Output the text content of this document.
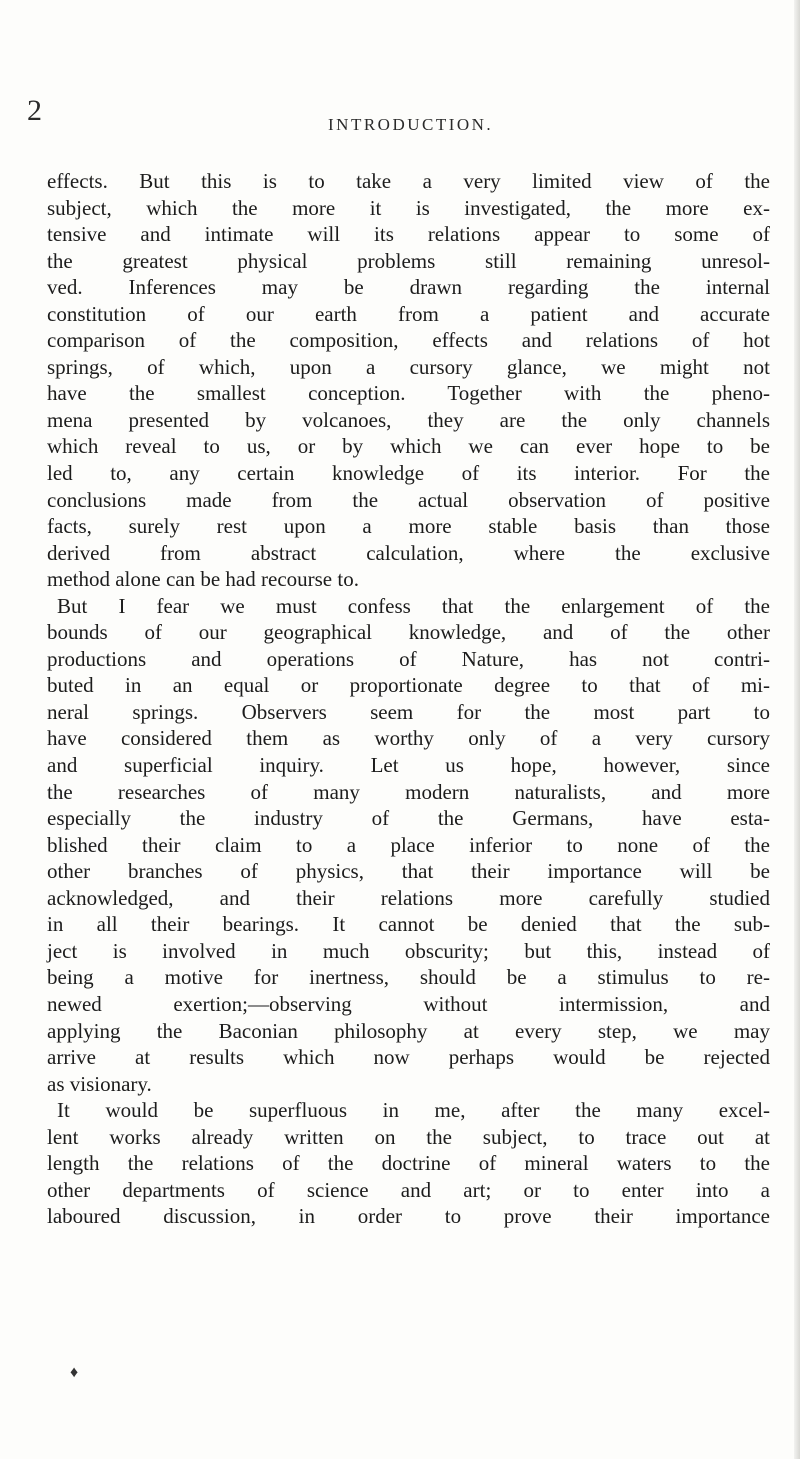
2	INTRODUCTION.
effects. But this is to take a very limited view of the
subject, which the more it is investigated, the more ex-
tensive and intimate will its relations appear to some of
the greatest physical problems still remaining unresol-
ved. Inferences may be drawn regarding the internal
constitution of our earth from a patient and accurate
comparison of the composition, effects and relations of hot
springs, of which, upon a cursory glance, we might not
have the smallest conception. Together with the pheno-
mena presented by volcanoes, they are the only channels
which reveal to us, or by which we can ever hope to be
led to, any certain knowledge of its interior. For the
conclusions made from the actual observation of positive
facts, surely rest upon a more stable basis than those
derived from abstract calculation, where the exclusive
method alone can be had recourse to.
But I fear we must confess that the enlargement of the
bounds of our geographical knowledge, and of the other
productions and operations of Nature, has not contri-
buted in an equal or proportionate degree to that of mi-
neral springs. Observers seem for the most part to
have considered them as worthy only of a very cursory
and superficial inquiry. Let us hope, however, since
the researches of many modern naturalists, and more
especially the industry of the Germans, have esta-
blished their claim to a place inferior to none of the
other branches of physics, that their importance will be
acknowledged, and their relations more carefully studied
in all their bearings. It cannot be denied that the sub-
ject is involved in much obscurity; but this, instead of
being a motive for inertness, should be a stimulus to re-
newed exertion;—observing without intermission, and
applying the Baconian philosophy at every step, we may
arrive at results which now perhaps would be rejected
as visionary.
It would be superfluous in me, after the many excel-
lent works already written on the subject, to trace out at
length the relations of the doctrine of mineral waters to the
other departments of science and art; or to enter into a
laboured discussion, in order to prove their importance
♦
